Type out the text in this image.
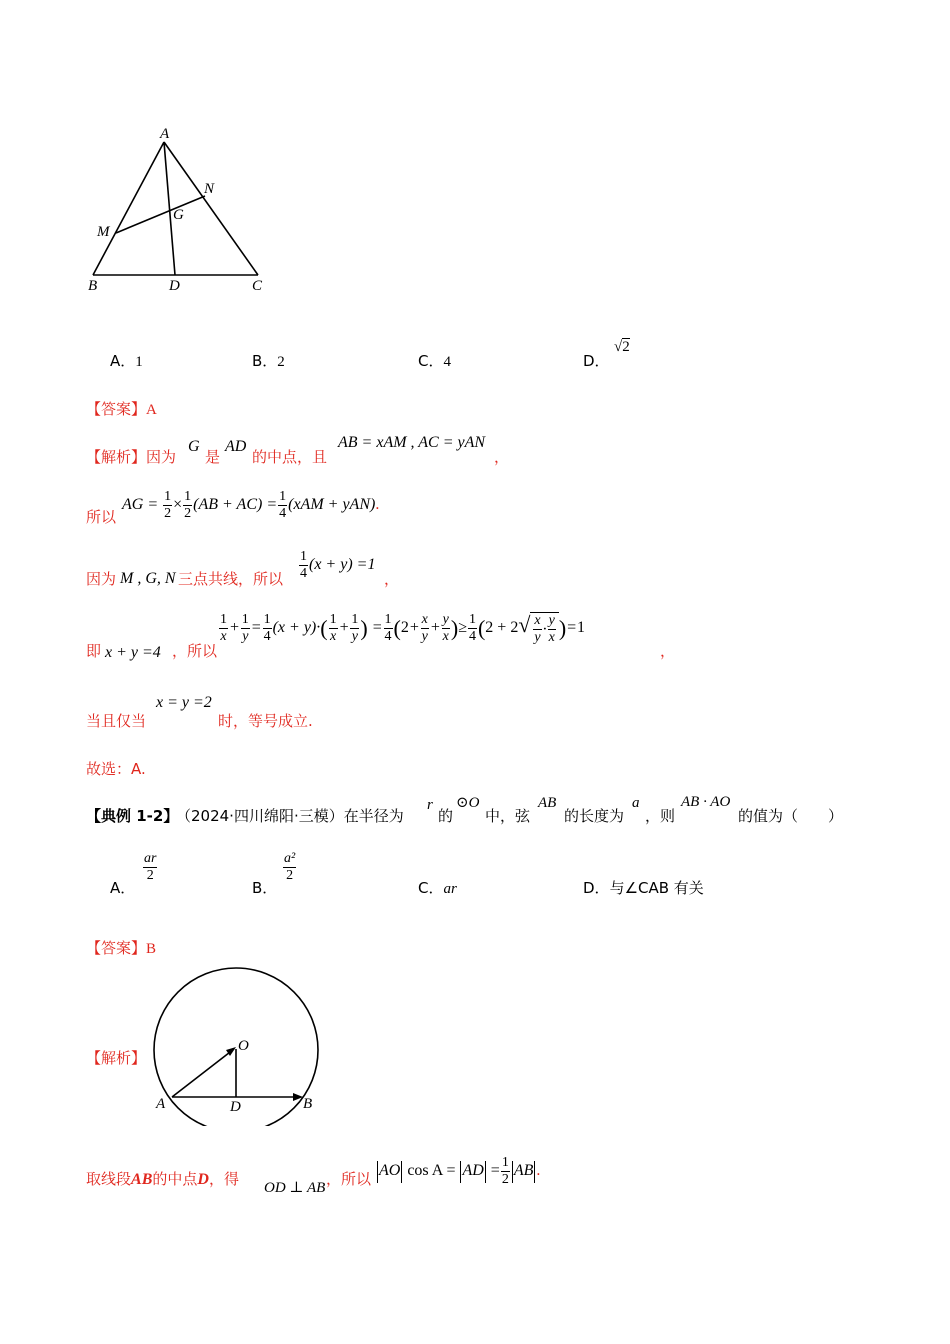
A
N
G
M
B	D	C
A．1	B．2	C．4	D．
√2
【答案】A
【解析】因为
G
是
AD
的中点，且
AB = xAM , AC = yAN
，
所以
AG = $\frac{1}{2} \times \frac{1}{2} (AB + AC) = \frac{1}{4} (xAM + yAN)$.
因为 M , G, N 三点共线，所以 $\frac{1}{4} (x + y) =1$
，
即 x + y =4 ，所以
$\frac{1}{x} + \frac{1}{y} = \frac{1}{4} (x + y)\cdot( \frac{1}{x} + \frac{1}{y}$ ) = $\frac{1}{4} (2+ \frac{x}{y} + \frac{y}{x}$ )≥ $\frac{1}{4} (2 + 2$ √ $\frac{x}{y} \cdot \frac{y}{x} )=1$
，
当且仅当
x = y =2
时，等号成立.
故选：A.
【典例 1-2】
（2024·四川绵阳·三模）在半径为
r
的
⊙O
中，弦
AB
的长度为
a
，则
AB · AO
的值为（　　）
A．
$\frac{ar}{2}$
B．
$\frac{\text{a²}}{2}$
C．ar	D．与∠CAB 有关
【答案】B
【解析】
O
A	D	B
取线段AB的中点D，得 OD ⊥ AB ，所以 AO cos A = AD = $\frac{1}{2}$ AB .
